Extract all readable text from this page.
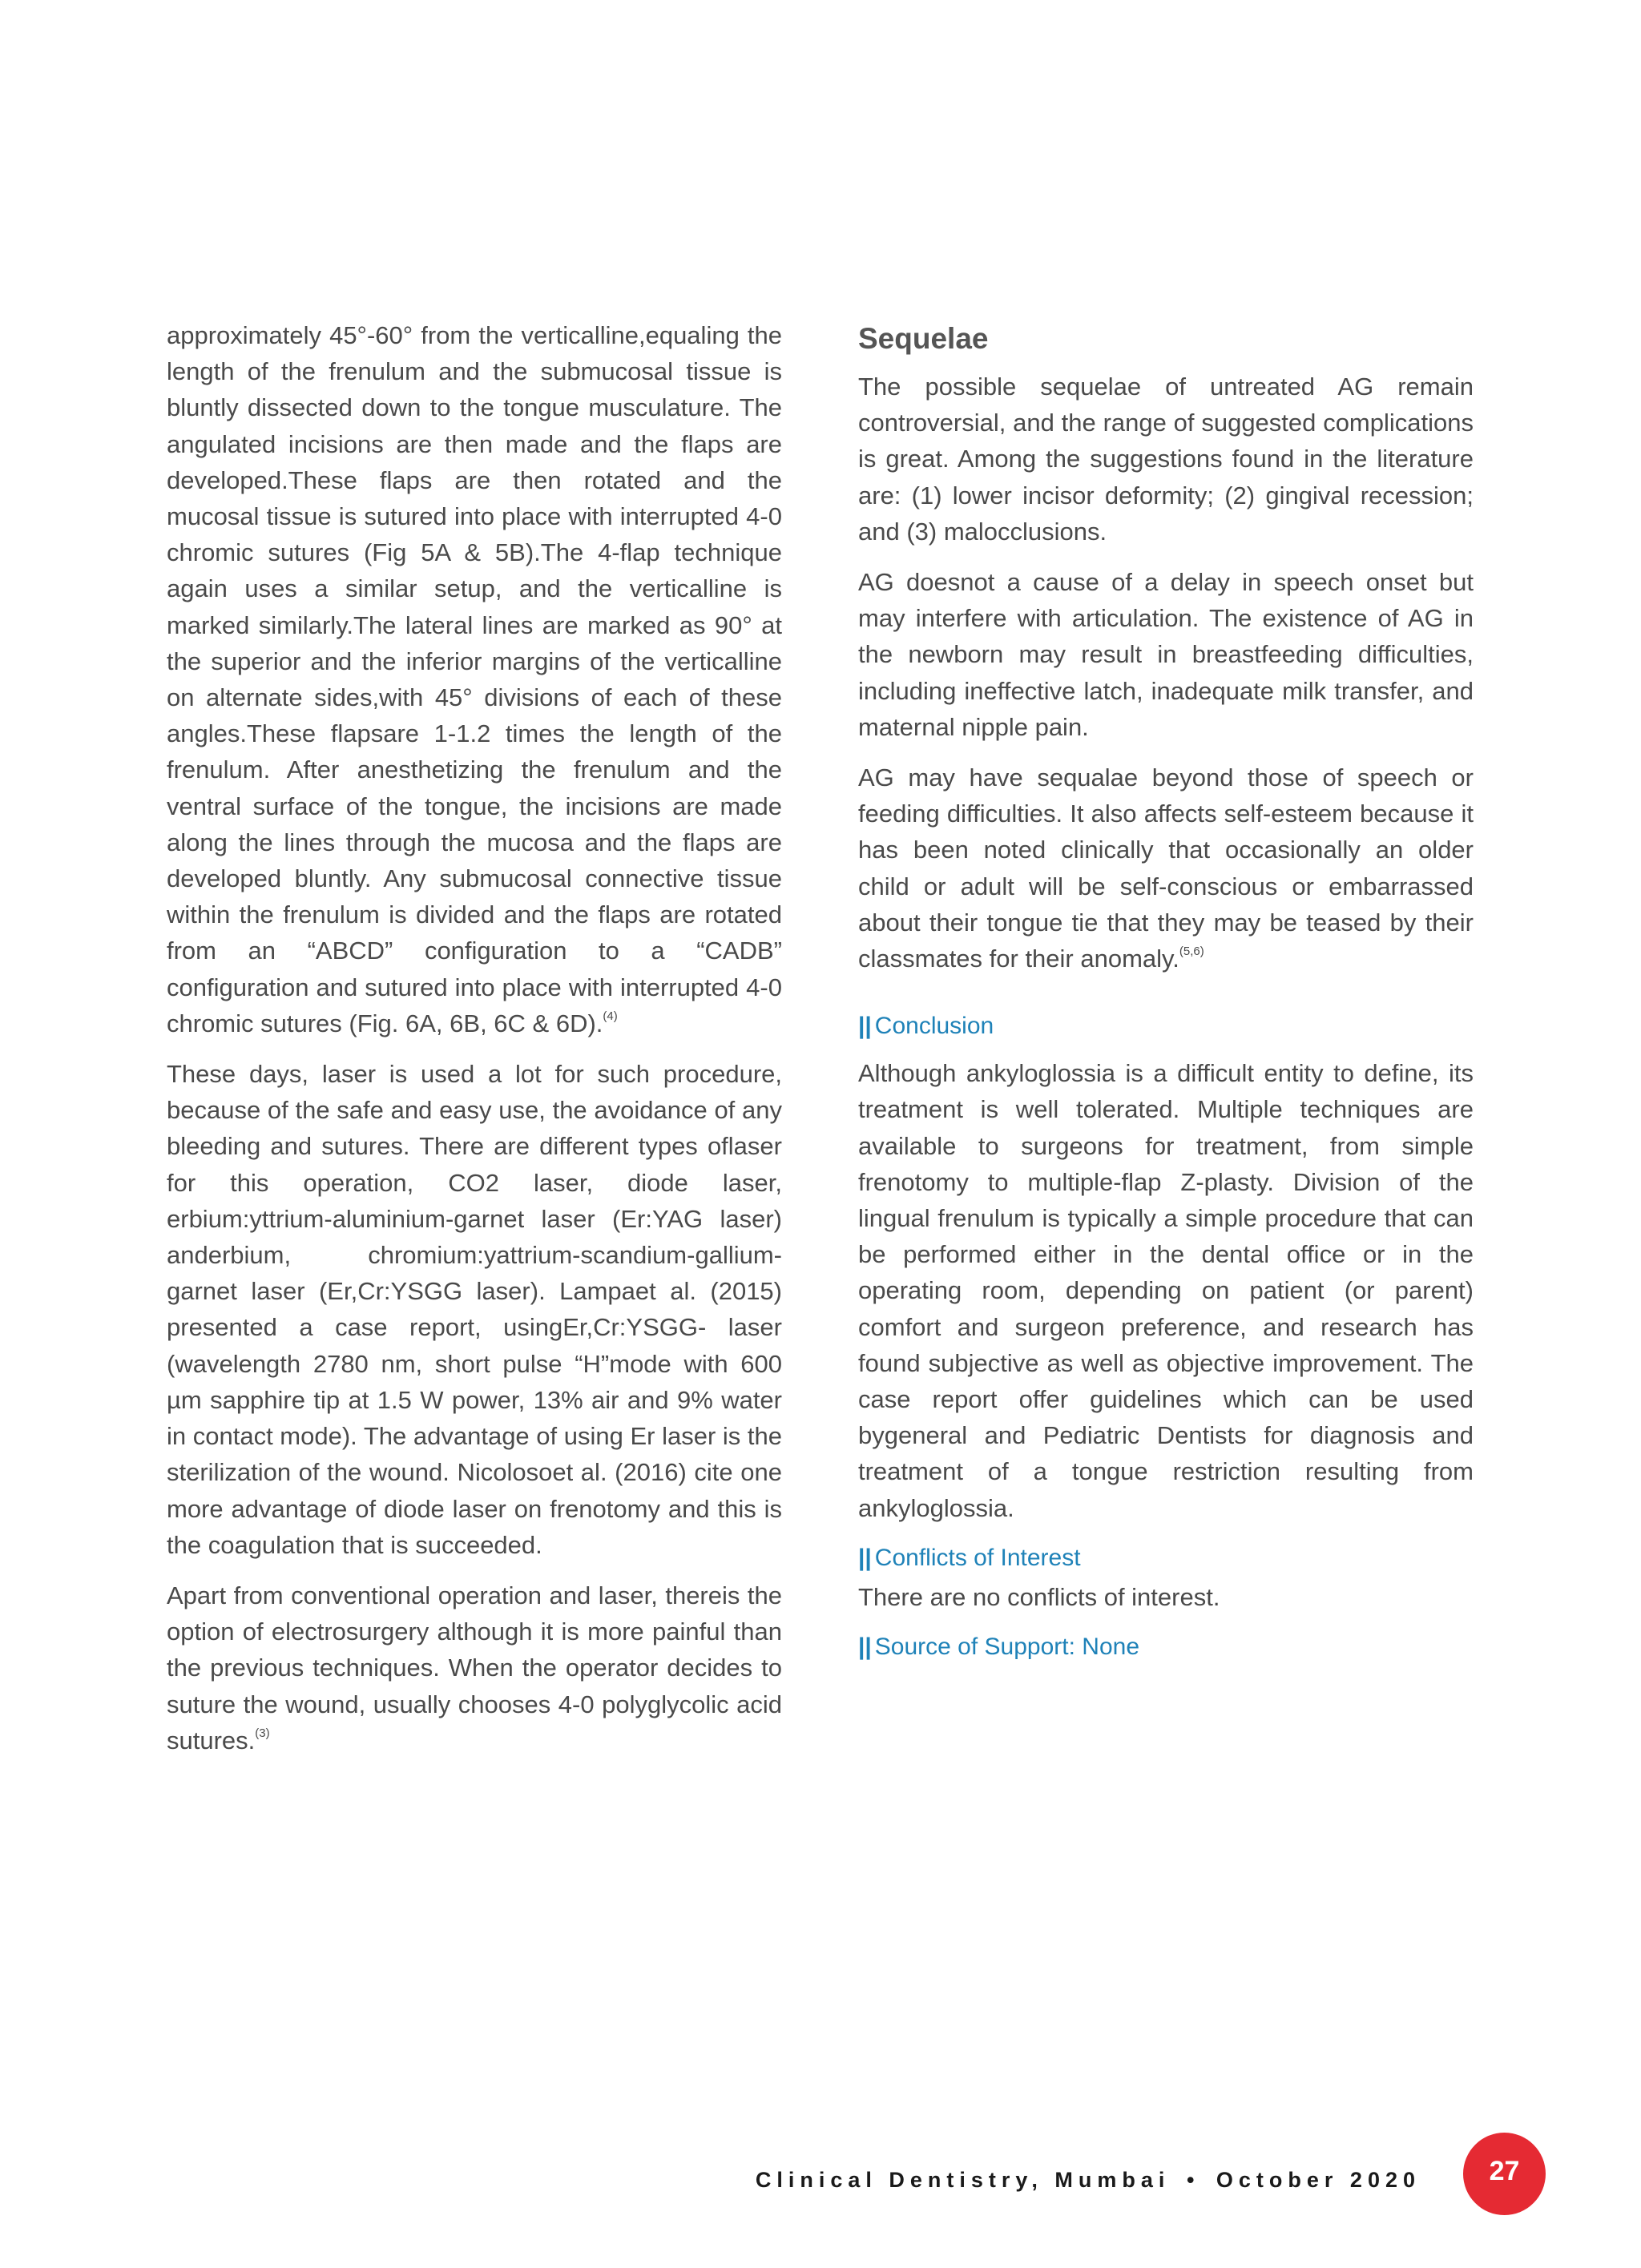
approximately 45°-60° from the verticalline,equaling the length of the frenulum and the submucosal tissue is bluntly dissected down to the tongue musculature. The angulated incisions are then made and the flaps are developed.These flaps are then rotated and the mucosal tissue is sutured into place with interrupted 4-0 chromic sutures (Fig 5A & 5B).The 4-flap technique again uses a similar setup, and the verticalline is marked similarly.The lateral lines are marked as 90° at the superior and the inferior margins of the verticalline on alternate sides,with 45° divisions of each of these angles.These flapsare 1-1.2 times the length of the frenulum. After anesthetizing the frenulum and the ventral surface of the tongue, the incisions are made along the lines through the mucosa and the flaps are developed bluntly. Any submucosal connective tissue within the frenulum is divided and the flaps are rotated from an “ABCD” configuration to a “CADB” configuration and sutured into place with interrupted 4-0 chromic sutures (Fig. 6A, 6B, 6C & 6D).$^{(4)}$

These days, laser is used a lot for such procedure, because of the safe and easy use, the avoidance of any bleeding and sutures. There are different types oflaser for this operation, CO2 laser, diode laser, erbium:yttrium-aluminium-garnet laser (Er:YAG laser) anderbium, chromium:yattrium-scandium-gallium-garnet laser (Er,Cr:YSGG laser). Lampaet al. (2015) presented a case report, usingEr,Cr:YSGG- laser (wavelength 2780 nm, short pulse “H”mode with 600 µm sapphire tip at 1.5 W power, 13% air and 9% water in contact mode). The advantage of using Er laser is the sterilization of the wound. Nicolosoet al. (2016) cite one more advantage of diode laser on frenotomy and this is the coagulation that is succeeded.

Apart from conventional operation and laser, thereis the option of electrosurgery although it is more painful than the previous techniques. When the operator decides to suture the wound, usually chooses 4-0 polyglycolic acid sutures.$^{(3)}$

Sequelae

The possible sequelae of untreated AG remain controversial, and the range of suggested complications is great. Among the suggestions found in the literature are: (1) lower incisor deformity; (2) gingival recession; and (3) malocclusions.

AG doesnot a cause of a delay in speech onset but may interfere with articulation. The existence of AG in the newborn may result in breastfeeding difficulties, including ineffective latch, inadequate milk transfer, and maternal nipple pain.

AG may have sequalae beyond those of speech or feeding difficulties. It also affects self-esteem because it has been noted clinically that occasionally an older child or adult will be self-conscious or embarrassed about their tongue tie that they may be teased by their classmates for their anomaly.$^{(5,6)}$

|| Conclusion

Although ankyloglossia is a difficult entity to define, its treatment is well tolerated. Multiple techniques are available to surgeons for treatment, from simple frenotomy to multiple-flap Z-plasty. Division of the lingual frenulum is typically a simple procedure that can be performed either in the dental office or in the operating room, depending on patient (or parent) comfort and surgeon preference, and research has found subjective as well as objective improvement. The case report offer guidelines which can be used bygeneral and Pediatric Dentists for diagnosis and treatment of a tongue restriction resulting from ankyloglossia.

|| Conflicts of Interest

There are no conflicts of interest.

|| Source of Support: None
Clinical Dentistry, Mumbai • October 2020	27
